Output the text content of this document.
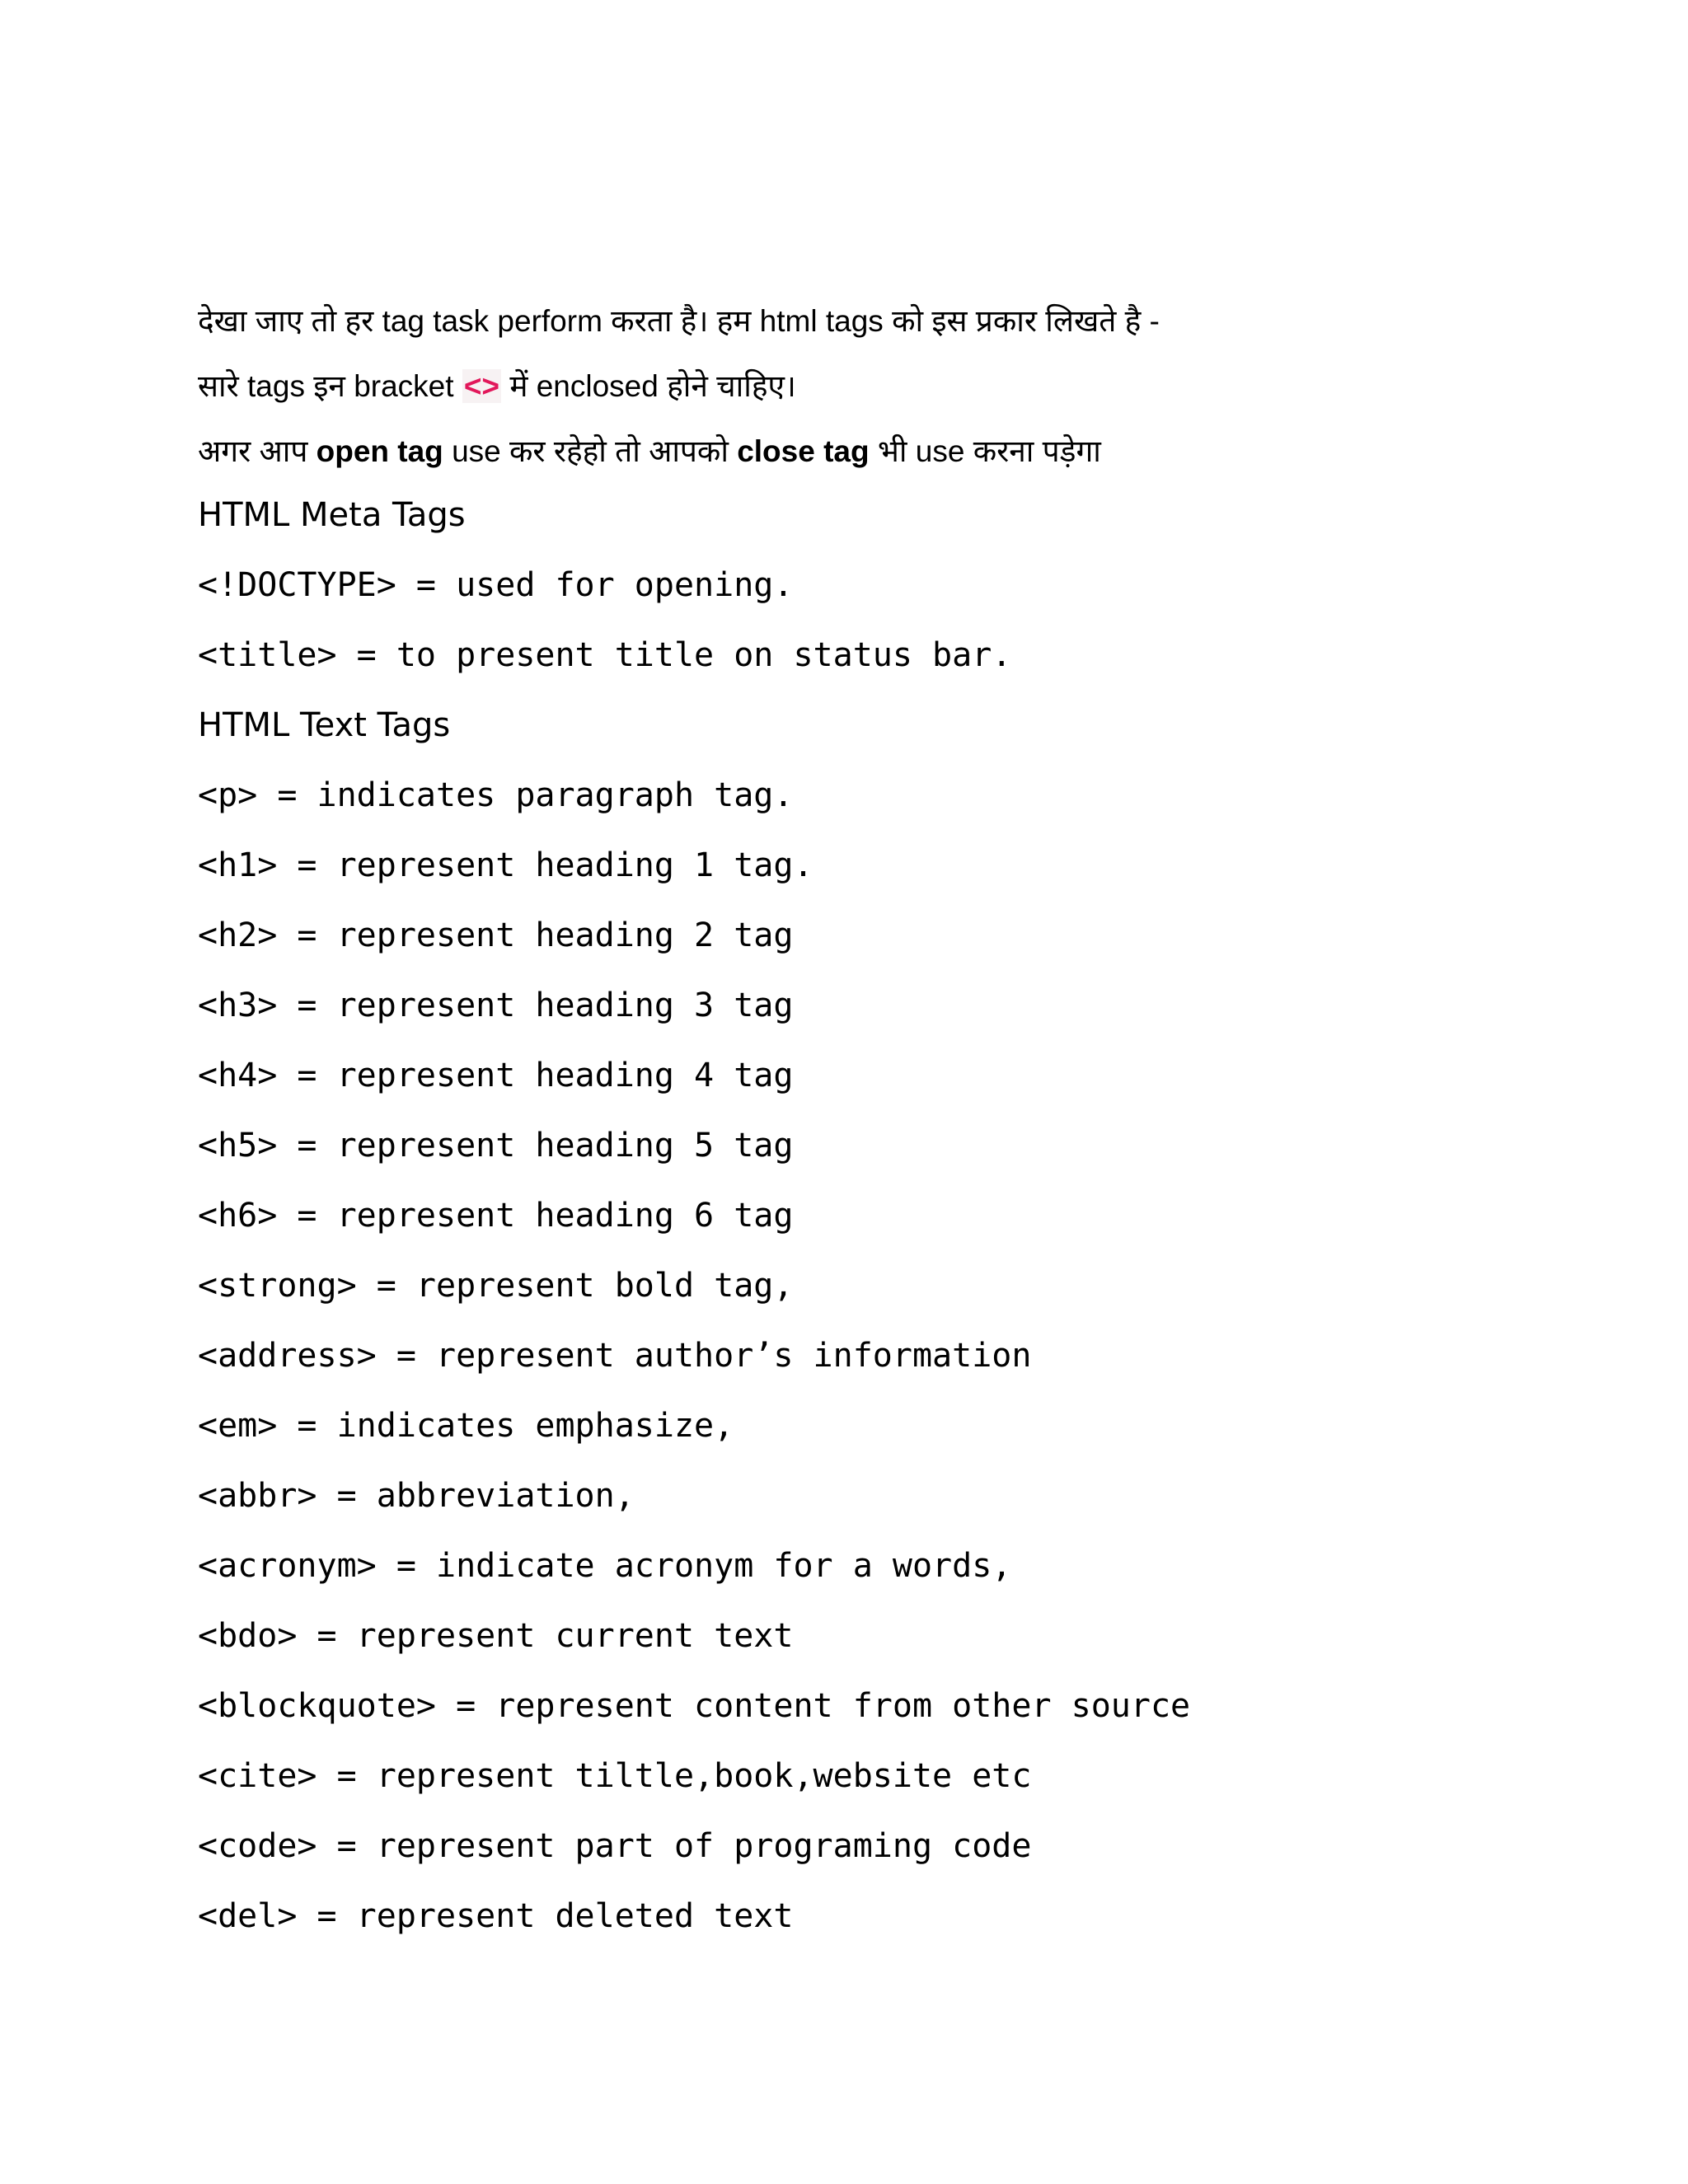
देखा जाए तो हर tag task perform करता है। हम html tags को इस प्रकार लिखते है -
सारे tags इन bracket <> में enclosed होने चाहिए।
अगर आप open tag use कर रहेहो तो आपको close tag भी use करना पड़ेगा
HTML Meta Tags
<!DOCTYPE> = used for opening.
<title> = to present title on status bar.
HTML Text Tags
<p> = indicates paragraph tag.
<h1> = represent heading 1 tag.
<h2> = represent heading 2 tag
<h3> = represent heading 3 tag
<h4> = represent heading 4 tag
<h5> = represent heading 5 tag
<h6> = represent heading 6 tag
<strong> = represent bold tag,
<address> = represent author’s information
<em> = indicates emphasize,
<abbr> = abbreviation,
<acronym> = indicate acronym for a words,
<bdo> = represent current text
<blockquote> = represent content from other source
<cite> = represent tiltle,book,website etc
<code> = represent part of programing code
<del> = represent deleted text
